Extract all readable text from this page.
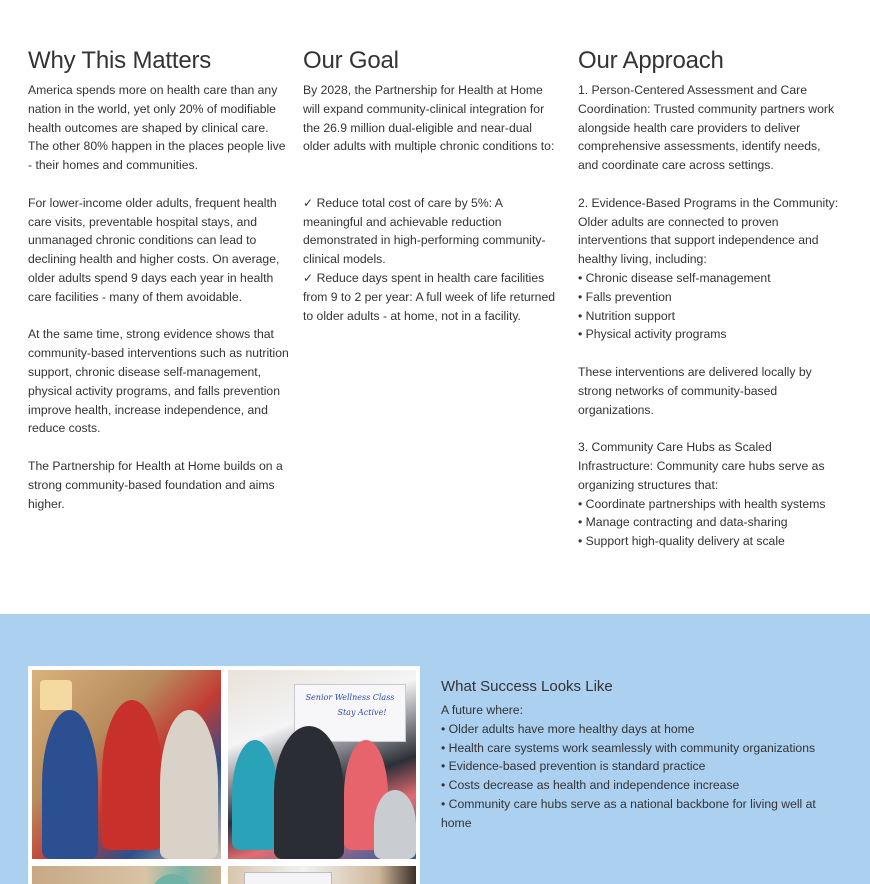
Why This Matters

America spends more on health care than any nation in the world, yet only 20% of modifiable health outcomes are shaped by clinical care. The other 80% happen in the places people live - their homes and communities.

For lower-income older adults, frequent health care visits, preventable hospital stays, and unmanaged chronic conditions can lead to declining health and higher costs. On average, older adults spend 9 days each year in health care facilities - many of them avoidable.

At the same time, strong evidence shows that community-based interventions such as nutrition support, chronic disease self-management, physical activity programs, and falls prevention improve health, increase independence, and reduce costs.

The Partnership for Health at Home builds on a strong community-based foundation and aims higher.

Our Goal

By 2028, the Partnership for Health at Home will expand community-clinical integration for the 26.9 million dual-eligible and near-dual older adults with multiple chronic conditions to:

✓ Reduce total cost of care by 5%: A meaningful and achievable reduction demonstrated in high-performing community-clinical models.

✓ Reduce days spent in health care facilities from 9 to 2 per year: A full week of life returned to older adults - at home, not in a facility.

Our Approach

1. Person-Centered Assessment and Care Coordination: Trusted community partners work alongside health care providers to deliver comprehensive assessments, identify needs, and coordinate care across settings.

2. Evidence-Based Programs in the Community: Older adults are connected to proven interventions that support independence and healthy living, including:

• Chronic disease self-management

• Falls prevention

• Nutrition support

• Physical activity programs

These interventions are delivered locally by strong networks of community-based organizations.

3. Community Care Hubs as Scaled Infrastructure: Community care hubs serve as organizing structures that:

• Coordinate partnerships with health systems

• Manage contracting and data-sharing

• Support high-quality delivery at scale

Senior Wellness Class
Stay Active!
What Success Looks Like

A future where:

• Older adults have more healthy days at home

• Health care systems work seamlessly with community organizations

• Evidence-based prevention is standard practice

• Costs decrease as health and independence increase

• Community care hubs serve as a national backbone for living well at home
